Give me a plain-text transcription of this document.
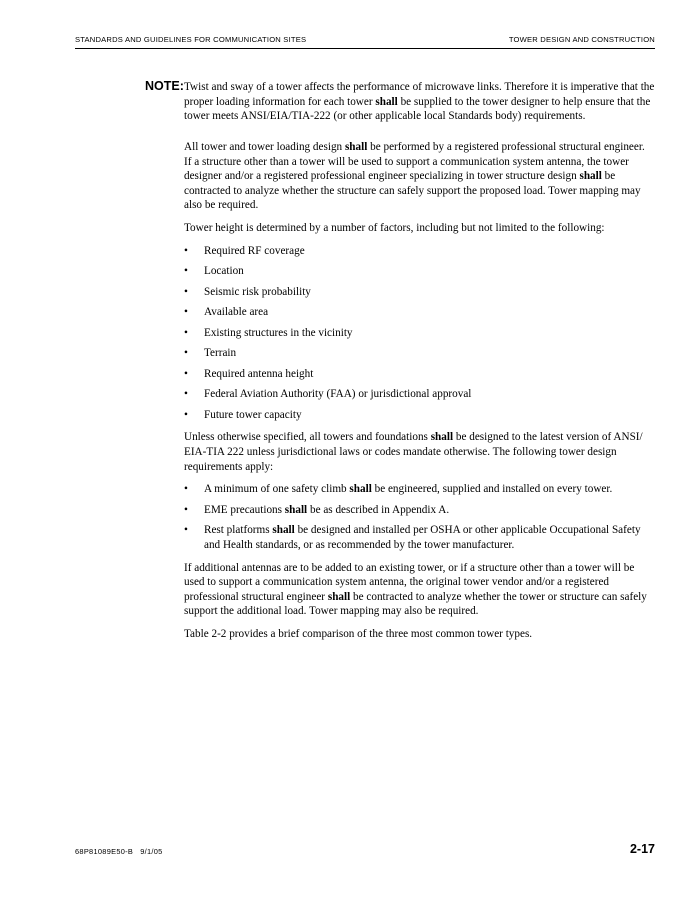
STANDARDS AND GUIDELINES FOR COMMUNICATION SITES	TOWER DESIGN AND CONSTRUCTION
NOTE: Twist and sway of a tower affects the performance of microwave links. Therefore it is imperative that the proper loading information for each tower shall be supplied to the tower designer to help ensure that the tower meets ANSI/EIA/TIA-222 (or other applicable local Standards body) requirements.

All tower and tower loading design shall be performed by a registered professional structural engineer. If a structure other than a tower will be used to support a communication system antenna, the tower designer and/or a registered professional engineer specializing in tower structure design shall be contracted to analyze whether the structure can safely support the proposed load. Tower mapping may also be required.

Tower height is determined by a number of factors, including but not limited to the following:

• Required RF coverage
• Location
• Seismic risk probability
• Available area
• Existing structures in the vicinity
• Terrain
• Required antenna height
• Federal Aviation Authority (FAA) or jurisdictional approval
• Future tower capacity

Unless otherwise specified, all towers and foundations shall be designed to the latest version of ANSI/ EIA-TIA 222 unless jurisdictional laws or codes mandate otherwise. The following tower design requirements apply:

• A minimum of one safety climb shall be engineered, supplied and installed on every tower.
• EME precautions shall be as described in Appendix A.
• Rest platforms shall be designed and installed per OSHA or other applicable Occupational Safety and Health standards, or as recommended by the tower manufacturer.

If additional antennas are to be added to an existing tower, or if a structure other than a tower will be used to support a communication system antenna, the original tower vendor and/or a registered professional structural engineer shall be contracted to analyze whether the tower or structure can safely support the additional load. Tower mapping may also be required.

Table 2-2 provides a brief comparison of the three most common tower types.

68P81089E50-B 9/1/05	2-17
